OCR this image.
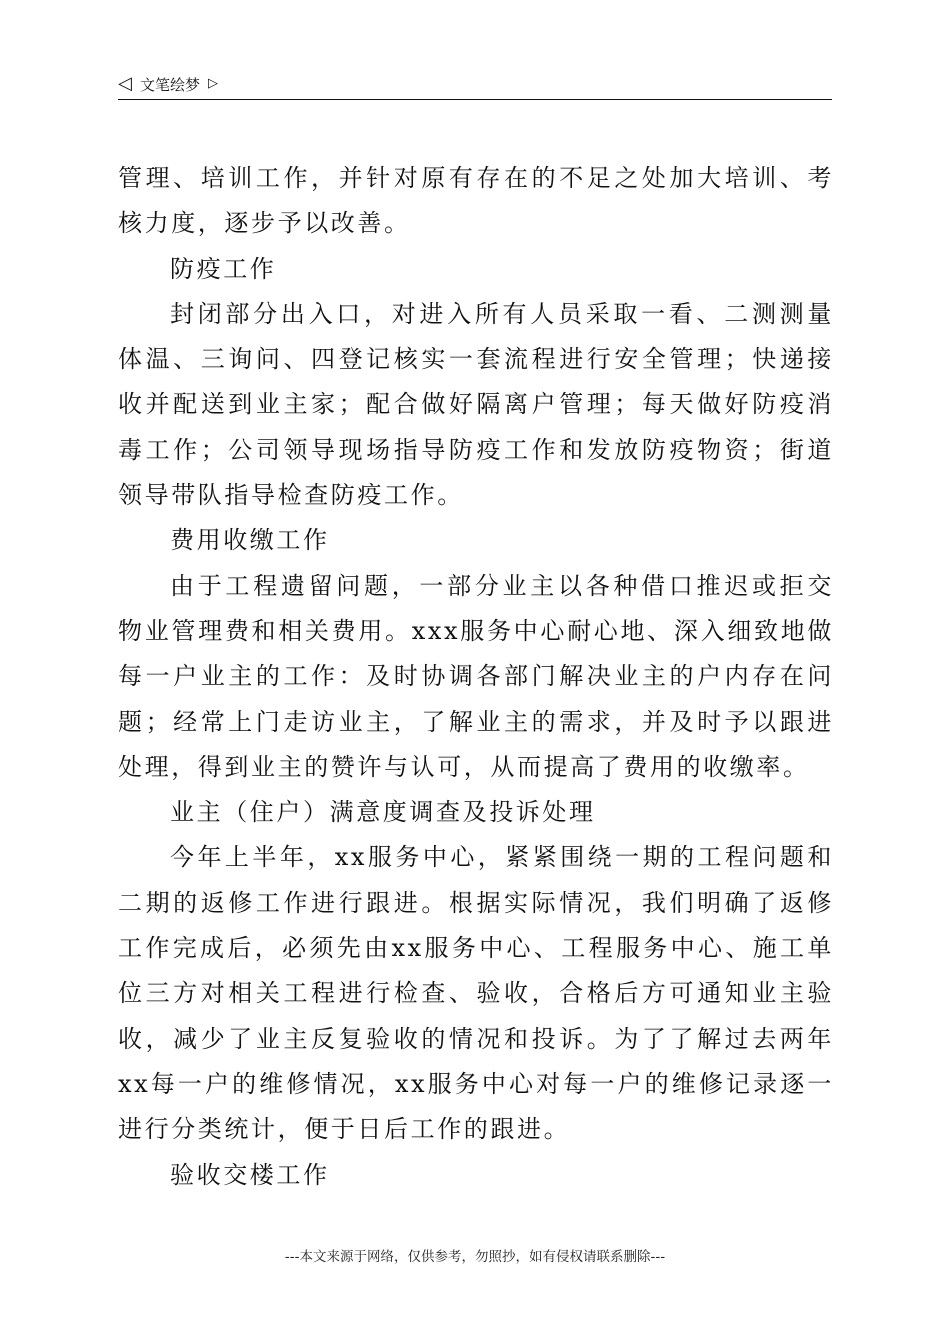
◁ 文笔绘梦 ▷

管理、培训工作，并针对原有存在的不足之处加大培训、考核力度，逐步予以改善。

防疫工作

封闭部分出入口，对进入所有人员采取一看、二测测量体温、三询问、四登记核实一套流程进行安全管理；快递接收并配送到业主家；配合做好隔离户管理；每天做好防疫消毒工作；公司领导现场指导防疫工作和发放防疫物资；街道领导带队指导检查防疫工作。

费用收缴工作

由于工程遗留问题，一部分业主以各种借口推迟或拒交物业管理费和相关费用。xxx服务中心耐心地、深入细致地做每一户业主的工作：及时协调各部门解决业主的户内存在问题；经常上门走访业主，了解业主的需求，并及时予以跟进处理，得到业主的赞许与认可，从而提高了费用的收缴率。

业主（住户）满意度调查及投诉处理

今年上半年，xx服务中心，紧紧围绕一期的工程问题和二期的返修工作进行跟进。根据实际情况，我们明确了返修工作完成后，必须先由xx服务中心、工程服务中心、施工单位三方对相关工程进行检查、验收，合格后方可通知业主验收，减少了业主反复验收的情况和投诉。为了了解过去两年xx每一户的维修情况，xx服务中心对每一户的维修记录逐一进行分类统计，便于日后工作的跟进。

验收交楼工作

---本文来源于网络，仅供参考，勿照抄，如有侵权请联系删除---
